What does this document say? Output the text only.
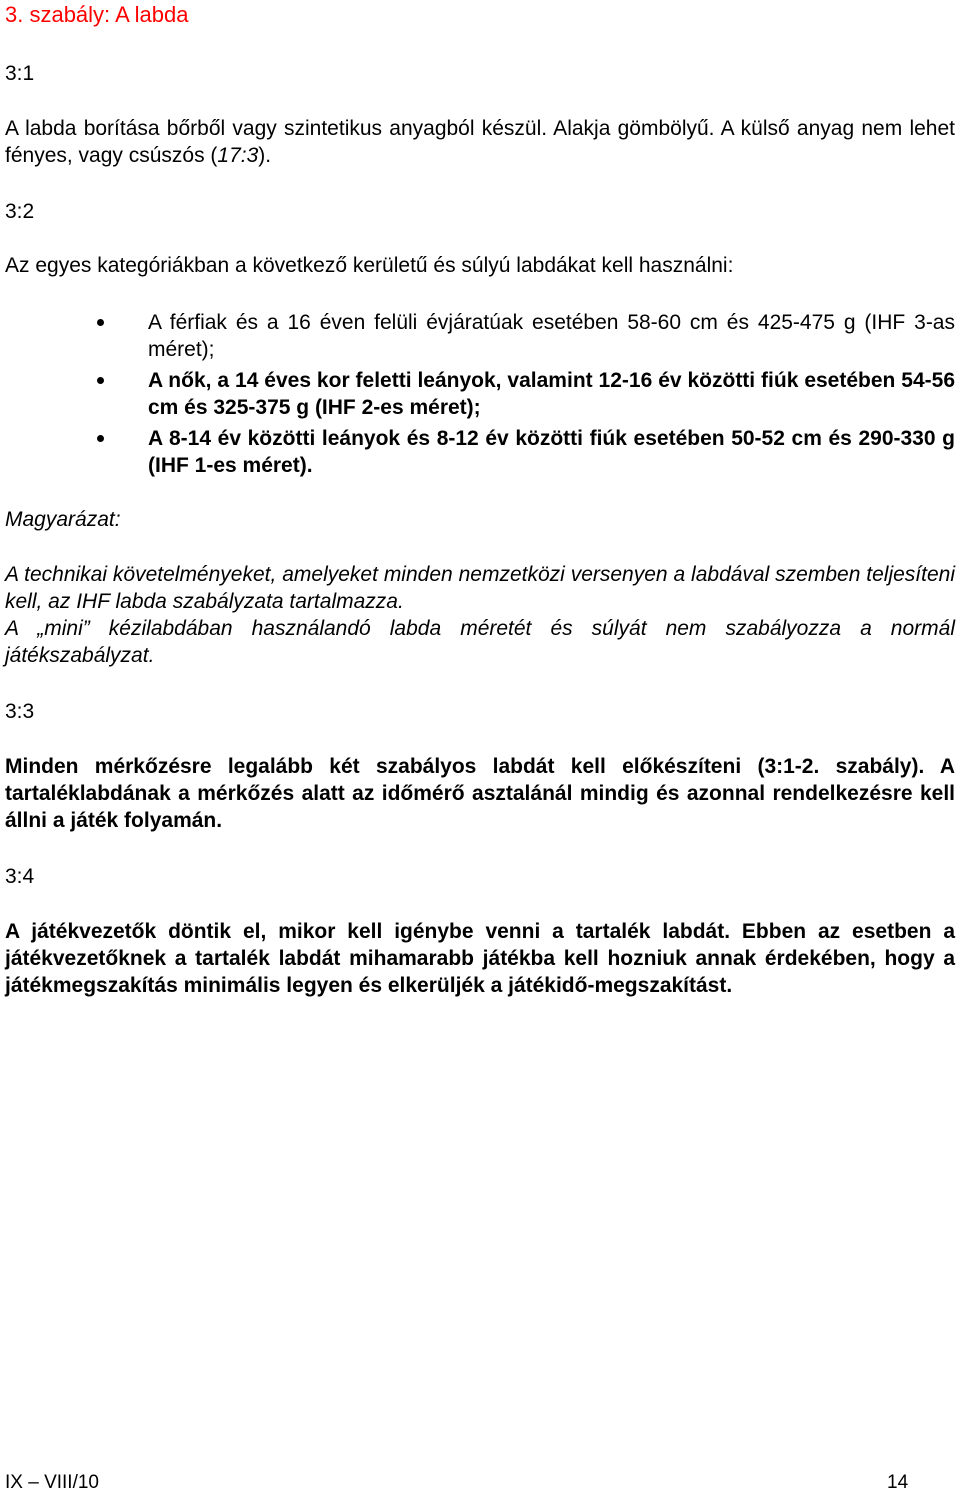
3. szabály: A labda
3:1
A labda borítása bőrből vagy szintetikus anyagból készül. Alakja gömbölyű. A külső anyag nem lehet fényes, vagy csúszós (17:3).
3:2
Az egyes kategóriákban a következő kerületű és súlyú labdákat kell használni:
A férfiak és a 16 éven felüli évjáratúak esetében 58-60 cm és 425-475 g (IHF 3-as méret);
A nők, a 14 éves kor feletti leányok, valamint 12-16 év közötti fiúk esetében 54-56 cm és 325-375 g (IHF 2-es méret);
A 8-14 év közötti leányok és 8-12 év közötti fiúk esetében 50-52 cm és 290-330 g (IHF 1-es méret).
Magyarázat:
A technikai követelményeket, amelyeket minden nemzetközi versenyen a labdával szemben teljesíteni kell, az IHF labda szabályzata tartalmazza.
A „mini” kézilabdában használandó labda méretét és súlyát nem szabályozza a normál játékszabályzat.
3:3
Minden mérkőzésre legalább két szabályos labdát kell előkészíteni (3:1-2. szabály). A tartaléklabdának a mérkőzés alatt az időmérő asztalánál mindig és azonnal rendelkezésre kell állni a játék folyamán.
3:4
A játékvezetők döntik el, mikor kell igénybe venni a tartalék labdát. Ebben az esetben a játékvezetőknek a tartalék labdát mihamarabb játékba kell hozniuk annak érdekében, hogy a játékmegszakítás minimális legyen és elkerüljék a játékidő-megszakítást.
IX – VIII/10	14
